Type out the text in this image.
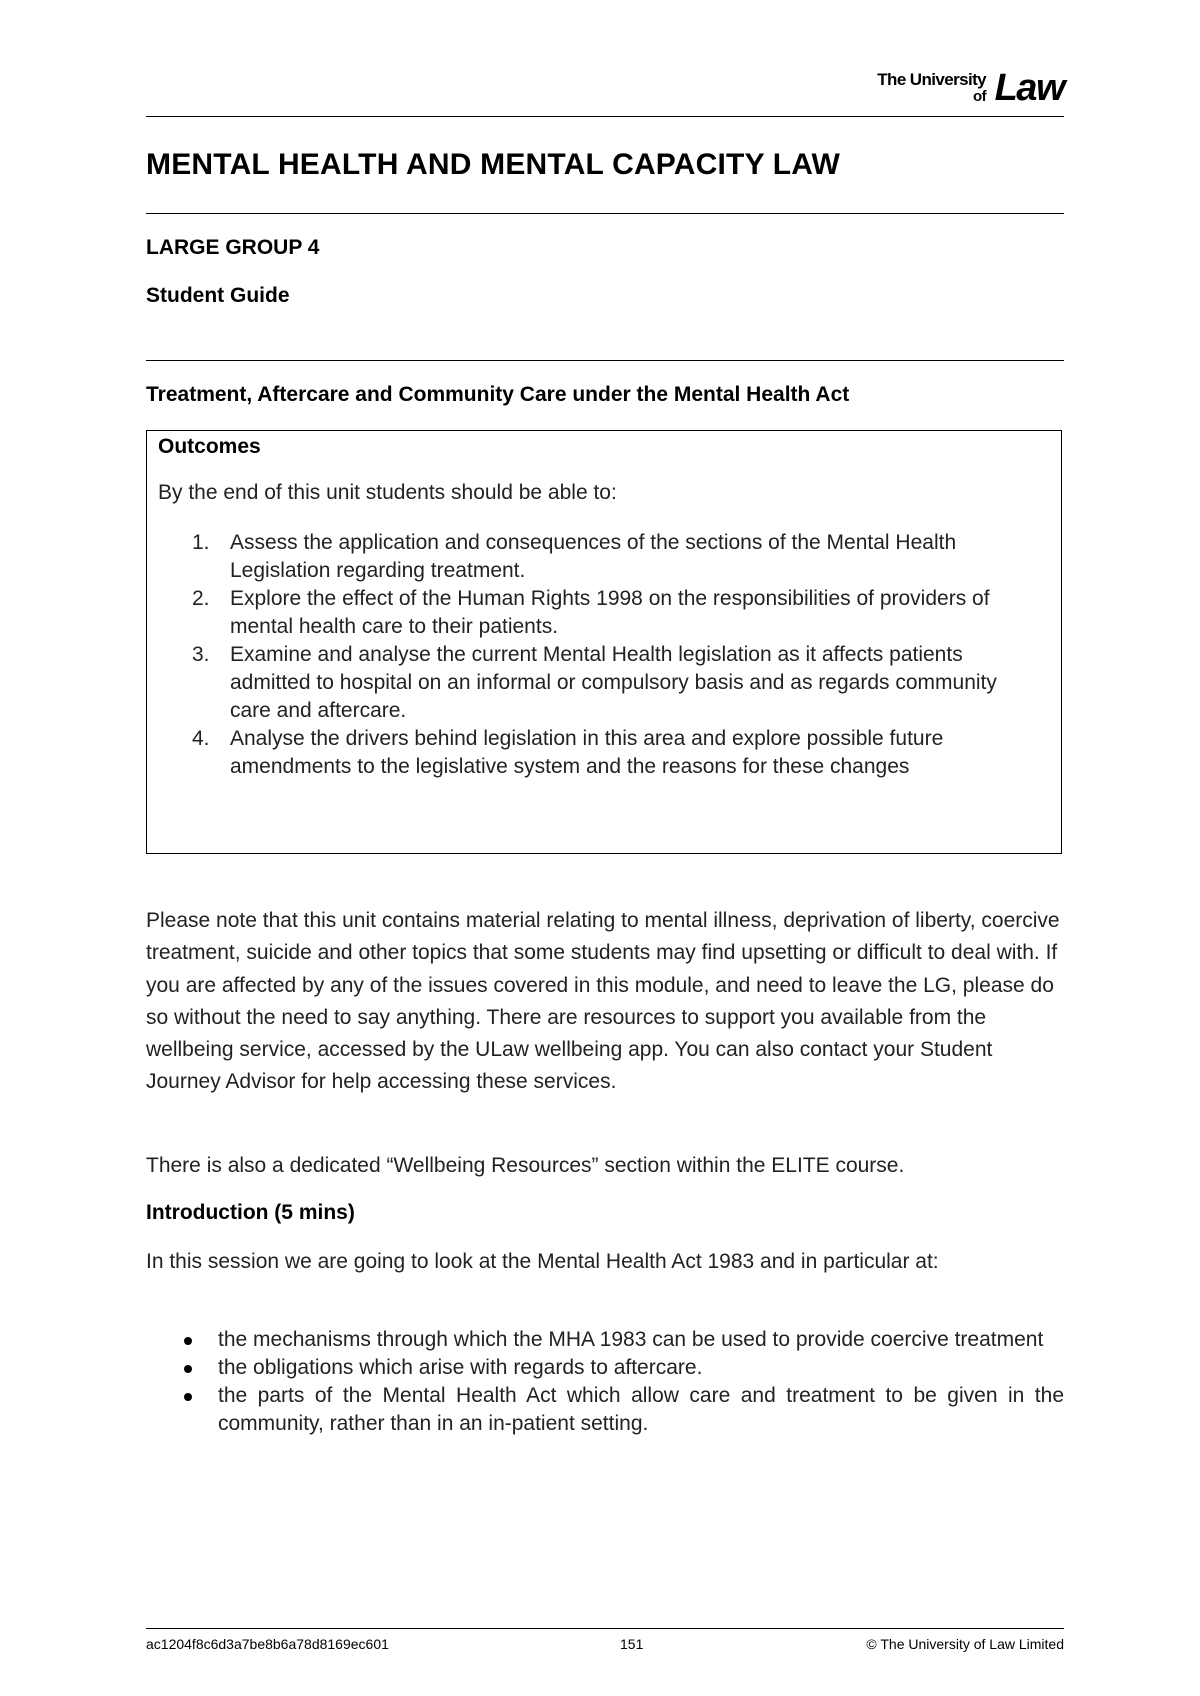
The University
of Law
MENTAL HEALTH AND MENTAL CAPACITY LAW
LARGE GROUP 4
Student Guide
Treatment, Aftercare and Community Care under the Mental Health Act
Outcomes
By the end of this unit students should be able to:
1. Assess the application and consequences of the sections of the Mental Health Legislation regarding treatment.
2. Explore the effect of the Human Rights 1998 on the responsibilities of providers of mental health care to their patients.
3. Examine and analyse the current Mental Health legislation as it affects patients admitted to hospital on an informal or compulsory basis and as regards community care and aftercare.
4. Analyse the drivers behind legislation in this area and explore possible future amendments to the legislative system and the reasons for these changes

Please note that this unit contains material relating to mental illness, deprivation of liberty, coercive treatment, suicide and other topics that some students may find upsetting or difficult to deal with. If you are affected by any of the issues covered in this module, and need to leave the LG, please do so without the need to say anything. There are resources to support you available from the wellbeing service, accessed by the ULaw wellbeing app. You can also contact your Student Journey Advisor for help accessing these services.

There is also a dedicated “Wellbeing Resources” section within the ELITE course.

Introduction (5 mins)

In this session we are going to look at the Mental Health Act 1983 and in particular at:

the mechanisms through which the MHA 1983 can be used to provide coercive treatment
the obligations which arise with regards to aftercare.
the parts of the Mental Health Act which allow care and treatment to be given in the community, rather than in an in-patient setting.
ac1204f8c6d3a7be8b6a78d8169ec601	151	© The University of Law Limited
